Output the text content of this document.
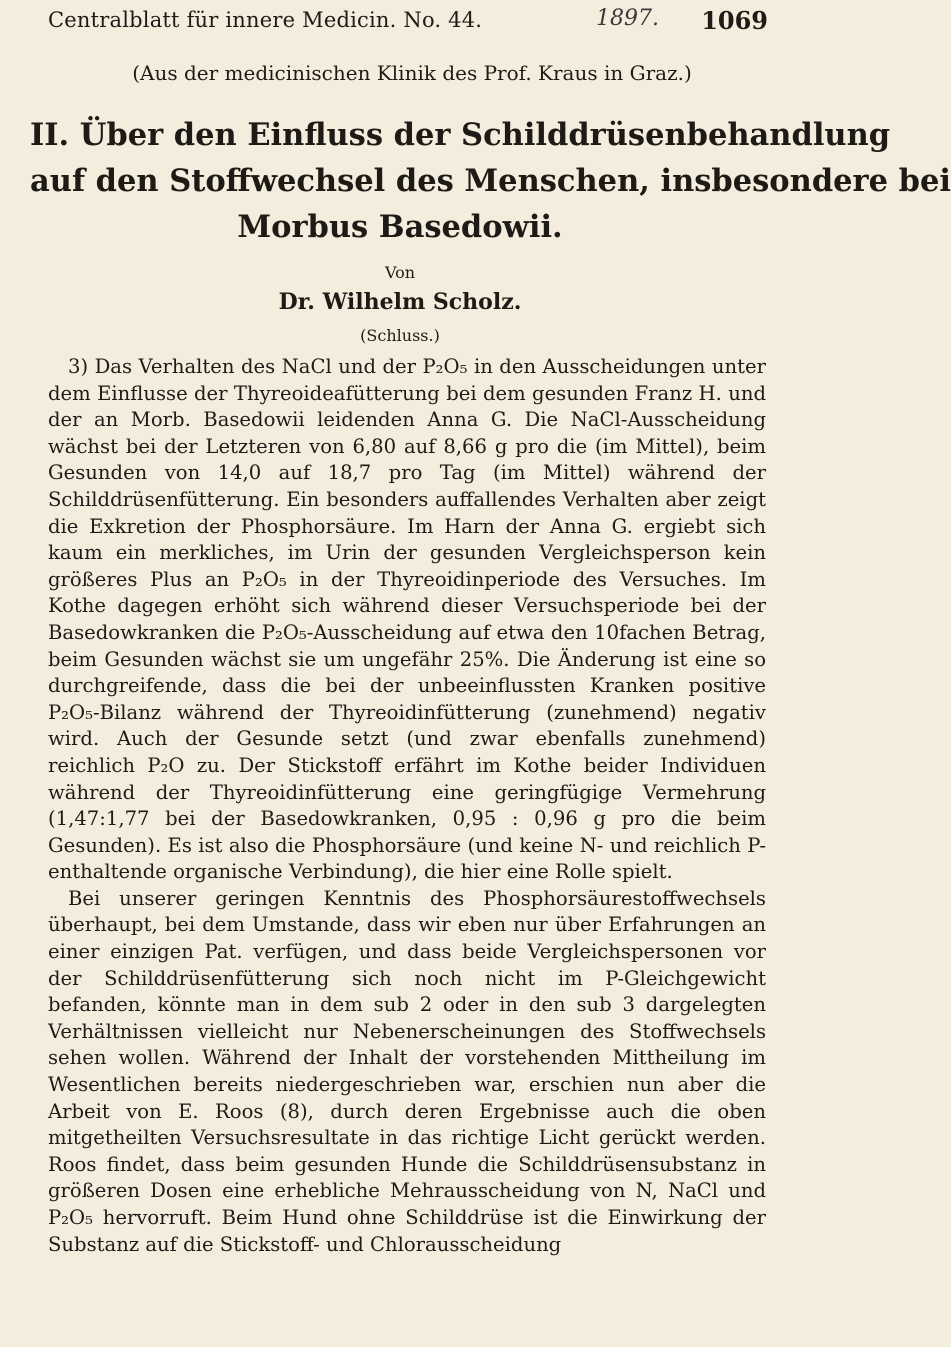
Centralblatt für innere Medicin. No. 44.	1897. 1069
(Aus der medicinischen Klinik des Prof. Kraus in Graz.)
II. Über den Einfluss der Schilddrüsenbehandlung
auf den Stoffwechsel des Menschen, insbesondere bei
Morbus Basedowii.
Von
Dr. Wilhelm Scholz.
(Schluss.)

3) Das Verhalten des NaCl und der P₂O₅ in den Ausscheidungen unter dem Einflusse der Thyreoideafütterung bei dem gesunden Franz H. und der an Morb. Basedowii leidenden Anna G. Die NaCl-Ausscheidung wächst bei der Letzteren von 6,80 auf 8,66 g pro die (im Mittel), beim Gesunden von 14,0 auf 18,7 pro Tag (im Mittel) während der Schilddrüsenfütterung. Ein besonders auffallendes Verhalten aber zeigt die Exkretion der Phosphorsäure. Im Harn der Anna G. ergiebt sich kaum ein merkliches, im Urin der gesunden Vergleichsperson kein größeres Plus an P₂O₅ in der Thyreoidinperiode des Versuches. Im Kothe dagegen erhöht sich während dieser Versuchsperiode bei der Basedowkranken die P₂O₅-Ausscheidung auf etwa den 10fachen Betrag, beim Gesunden wächst sie um ungefähr 25%. Die Änderung ist eine so durchgreifende, dass die bei der unbeeinflussten Kranken positive P₂O₅-Bilanz während der Thyreoidinfütterung (zunehmend) negativ wird. Auch der Gesunde setzt (und zwar ebenfalls zunehmend) reichlich P₂O zu. Der Stickstoff erfährt im Kothe beider Individuen während der Thyreoidinfütterung eine geringfügige Vermehrung (1,47:1,77 bei der Basedowkranken, 0,95 : 0,96 g pro die beim Gesunden). Es ist also die Phosphorsäure (und keine N- und reichlich P-enthaltende organische Verbindung), die hier eine Rolle spielt.

Bei unserer geringen Kenntnis des Phosphorsäurestoffwechsels überhaupt, bei dem Umstande, dass wir eben nur über Erfahrungen an einer einzigen Pat. verfügen, und dass beide Vergleichspersonen vor der Schilddrüsenfütterung sich noch nicht im P-Gleichgewicht befanden, könnte man in dem sub 2 oder in den sub 3 dargelegten Verhältnissen vielleicht nur Nebenerscheinungen des Stoffwechsels sehen wollen. Während der Inhalt der vorstehenden Mittheilung im Wesentlichen bereits niedergeschrieben war, erschien nun aber die Arbeit von E. Roos (8), durch deren Ergebnisse auch die oben mitgetheilten Versuchsresultate in das richtige Licht gerückt werden. Roos findet, dass beim gesunden Hunde die Schilddrüsensubstanz in größeren Dosen eine erhebliche Mehrausscheidung von N, NaCl und P₂O₅ hervorruft. Beim Hund ohne Schilddrüse ist die Einwirkung der Substanz auf die Stickstoff- und Chlorausscheidung
